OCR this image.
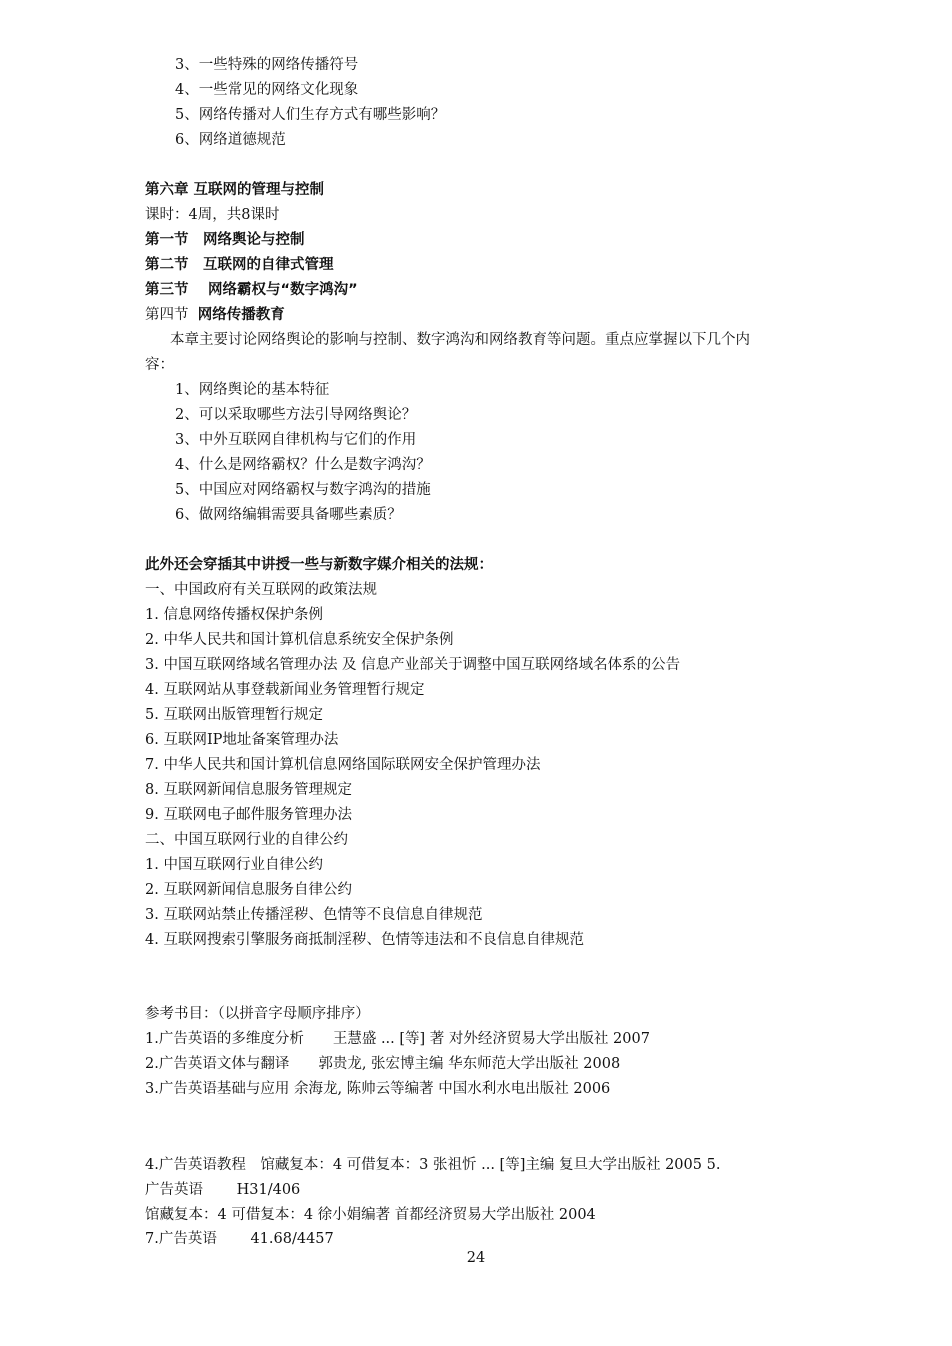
3、一些特殊的网络传播符号
4、一些常见的网络文化现象
5、网络传播对人们生存方式有哪些影响？
6、网络道德规范
第六章 互联网的管理与控制
课时：4周，共8课时
第一节　网络舆论与控制
第二节　互联网的自律式管理
第三节　 网络霸权与“数字鸿沟”
第四节 网络传播教育
本章主要讨论网络舆论的影响与控制、数字鸿沟和网络教育等问题。重点应掌握以下几个内
容：
1、网络舆论的基本特征
2、可以采取哪些方法引导网络舆论？
3、中外互联网自律机构与它们的作用
4、什么是网络霸权？什么是数字鸿沟？
5、中国应对网络霸权与数字鸿沟的措施
6、做网络编辑需要具备哪些素质？
此外还会穿插其中讲授一些与新数字媒介相关的法规：
一、中国政府有关互联网的政策法规
1. 信息网络传播权保护条例
2. 中华人民共和国计算机信息系统安全保护条例
3. 中国互联网络域名管理办法 及 信息产业部关于调整中国互联网络域名体系的公告
4. 互联网站从事登载新闻业务管理暂行规定
5. 互联网出版管理暂行规定
6. 互联网IP地址备案管理办法
7. 中华人民共和国计算机信息网络国际联网安全保护管理办法
8. 互联网新闻信息服务管理规定
9. 互联网电子邮件服务管理办法
二、中国互联网行业的自律公约
1. 中国互联网行业自律公约
2. 互联网新闻信息服务自律公约
3. 互联网站禁止传播淫秽、色情等不良信息自律规范
4. 互联网搜索引擎服务商抵制淫秽、色情等违法和不良信息自律规范
参考书目：（以拼音字母顺序排序）
1.广告英语的多维度分析　　王慧盛 ... [等] 著 对外经济贸易大学出版社 2007
2.广告英语文体与翻译　　郭贵龙, 张宏博主编 华东师范大学出版社 2008
3.广告英语基础与应用 余海龙, 陈帅云等编著 中国水利水电出版社 2006
4.广告英语教程　馆藏复本：4 可借复本：3 张祖忻 ... [等]主编 复旦大学出版社 2005 5.
广告英语　　 H31/406
馆藏复本：4 可借复本：4 徐小娟编著 首都经济贸易大学出版社 2004
7.广告英语　　 41.68/4457
24
